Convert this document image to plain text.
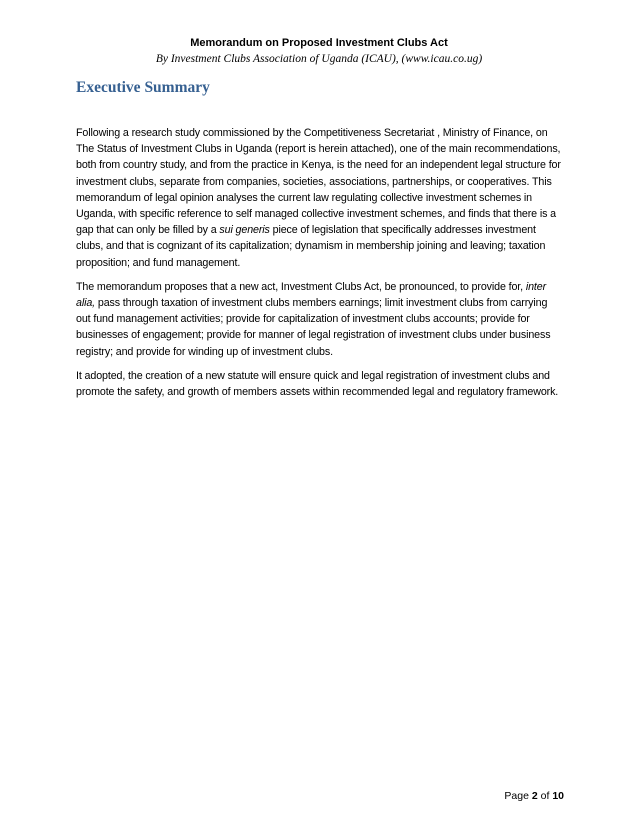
Memorandum on Proposed Investment Clubs Act
By Investment Clubs Association of Uganda (ICAU), (www.icau.co.ug)
Executive Summary

Following a research study commissioned by the Competitiveness Secretariat , Ministry of Finance, on The Status of Investment Clubs in Uganda (report is herein attached), one of the main recommendations, both from country study, and from the practice in Kenya, is the need for an independent legal structure for investment clubs, separate from companies, societies, associations, partnerships, or cooperatives. This memorandum of legal opinion analyses the current law regulating collective investment schemes in Uganda, with specific reference to self managed collective investment schemes, and finds that there is a gap that can only be filled by a sui generis piece of legislation that specifically addresses investment clubs, and that is cognizant of its capitalization; dynamism in membership joining and leaving; taxation proposition; and fund management.

The memorandum proposes that a new act, Investment Clubs Act, be pronounced, to provide for, inter alia, pass through taxation of investment clubs members earnings; limit investment clubs from carrying out fund management activities; provide for capitalization of investment clubs accounts; provide for businesses of engagement; provide for manner of legal registration of investment clubs under business registry; and provide for winding up of investment clubs.

It adopted, the creation of a new statute will ensure quick and legal registration of investment clubs and promote the safety, and growth of members assets within recommended legal and regulatory framework.

Page 2 of 10
